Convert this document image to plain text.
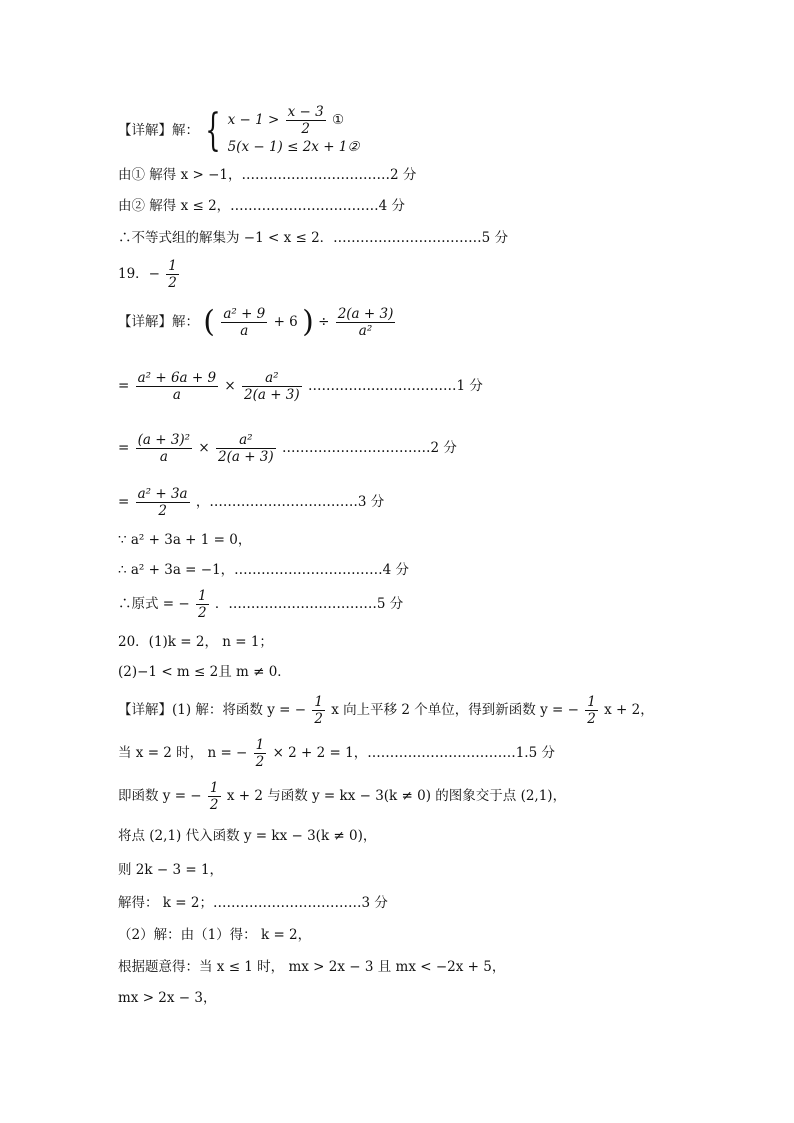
【详解】解： { $x - 1 > \frac{x - 3}{2}$ ①
5(x − 1) ≤ 2x + 1②
由① 解得 x > −1，……………………………2 分
由② 解得 x ≤ 2，……………………………4 分
∴不等式组的解集为 −1 < x ≤ 2．……………………………5 分
19．− $\frac{1}{2}$
【详解】解： ( $\frac{\text{a² + 9}}{a} + 6$ ) ÷ $\frac{2(a + 3)}{\text{a²}}$
= $\frac{\text{a² + 6a + 9}}{a} \times \frac{\text{a²}}{2(a + 3)}$ ……………………………1 分
= $\frac{\text{(a + 3)²}}{a} \times \frac{\text{a²}}{2(a + 3)}$ ……………………………2 分
= $\frac{\text{a² + 3a}}{2}$ ，……………………………3 分
∵ a² + 3a + 1 = 0，
∴ a² + 3a = −1，……………………………4 分
∴原式 = − $\frac{1}{2}$ ．……………………………5 分
20．(1)k = 2， n = 1；
(2)−1 < m ≤ 2且 m ≠ 0．
【详解】(1) 解：将函数 y = − $\frac{1}{2}$ x 向上平移 2 个单位，得到新函数 y = − $\frac{1}{2}$ x + 2，
当 x = 2 时， n = − $\frac{1}{2} \times 2 + 2 = 1$，……………………………1.5 分
即函数 y = − $\frac{1}{2}$ x + 2 与函数 y = kx − 3(k ≠ 0) 的图象交于点 (2,1)，
将点 (2,1) 代入函数 y = kx − 3(k ≠ 0)，
则 2k − 3 = 1，
解得： k = 2；……………………………3 分
（2）解：由（1）得： k = 2，
根据题意得：当 x ≤ 1 时， mx > 2x − 3 且 mx < −2x + 5，
mx > 2x − 3，
